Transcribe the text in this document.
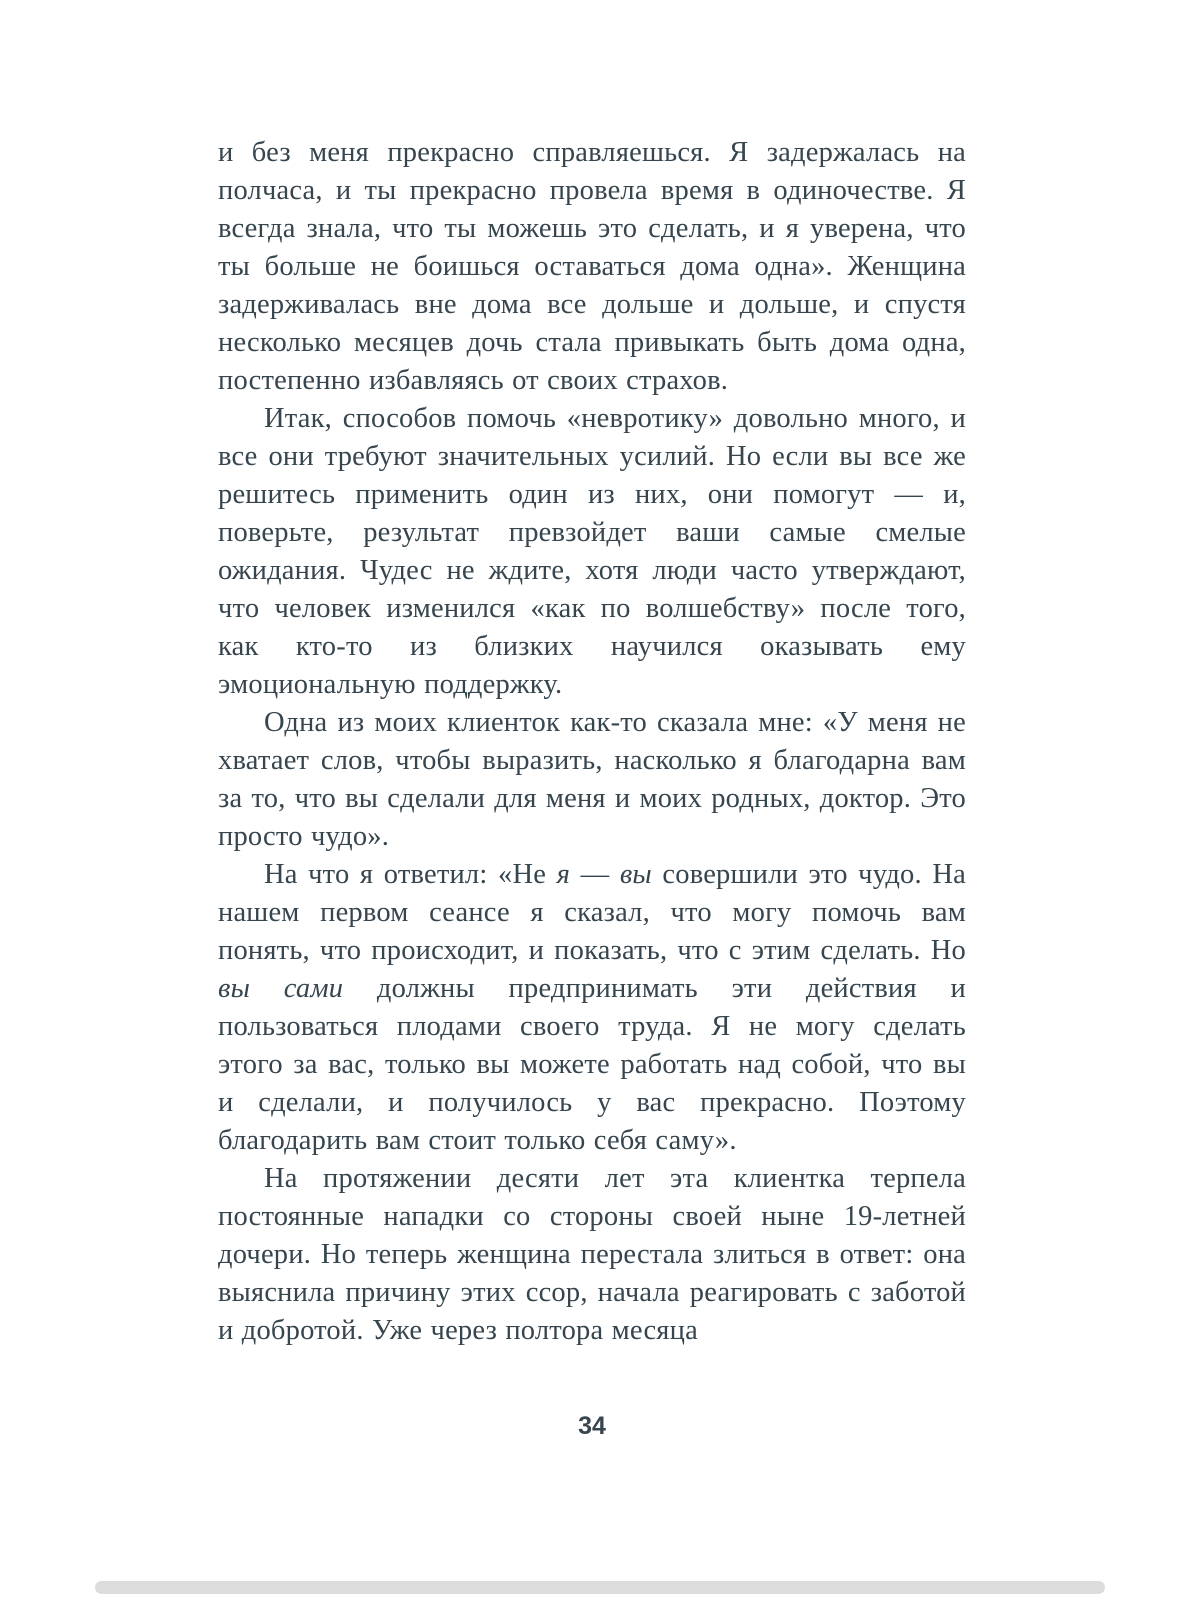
и без меня прекрасно справляешься. Я задержалась на полчаса, и ты прекрасно провела время в одиночестве. Я всегда знала, что ты можешь это сделать, и я уверена, что ты больше не боишься оставаться дома одна». Женщина задерживалась вне дома все дольше и дольше, и спустя несколько месяцев дочь стала привыкать быть дома одна, постепенно избавляясь от своих страхов.

Итак, способов помочь «невротику» довольно много, и все они требуют значительных усилий. Но если вы все же решитесь применить один из них, они помогут — и, поверьте, результат превзойдет ваши самые смелые ожидания. Чудес не ждите, хотя люди часто утверждают, что человек изменился «как по волшебству» после того, как кто-то из близких научился оказывать ему эмоциональную поддержку.

Одна из моих клиенток как-то сказала мне: «У меня не хватает слов, чтобы выразить, насколько я благодарна вам за то, что вы сделали для меня и моих родных, доктор. Это просто чудо».

На что я ответил: «Не я — вы совершили это чудо. На нашем первом сеансе я сказал, что могу помочь вам понять, что происходит, и показать, что с этим сделать. Но вы сами должны предпринимать эти действия и пользоваться плодами своего труда. Я не могу сделать этого за вас, только вы можете работать над собой, что вы и сделали, и получилось у вас прекрасно. Поэтому благодарить вам стоит только себя саму».

На протяжении десяти лет эта клиентка терпела постоянные нападки со стороны своей ныне 19-летней дочери. Но теперь женщина перестала злиться в ответ: она выяснила причину этих ссор, начала реагировать с заботой и добротой. Уже через полтора месяца

34
